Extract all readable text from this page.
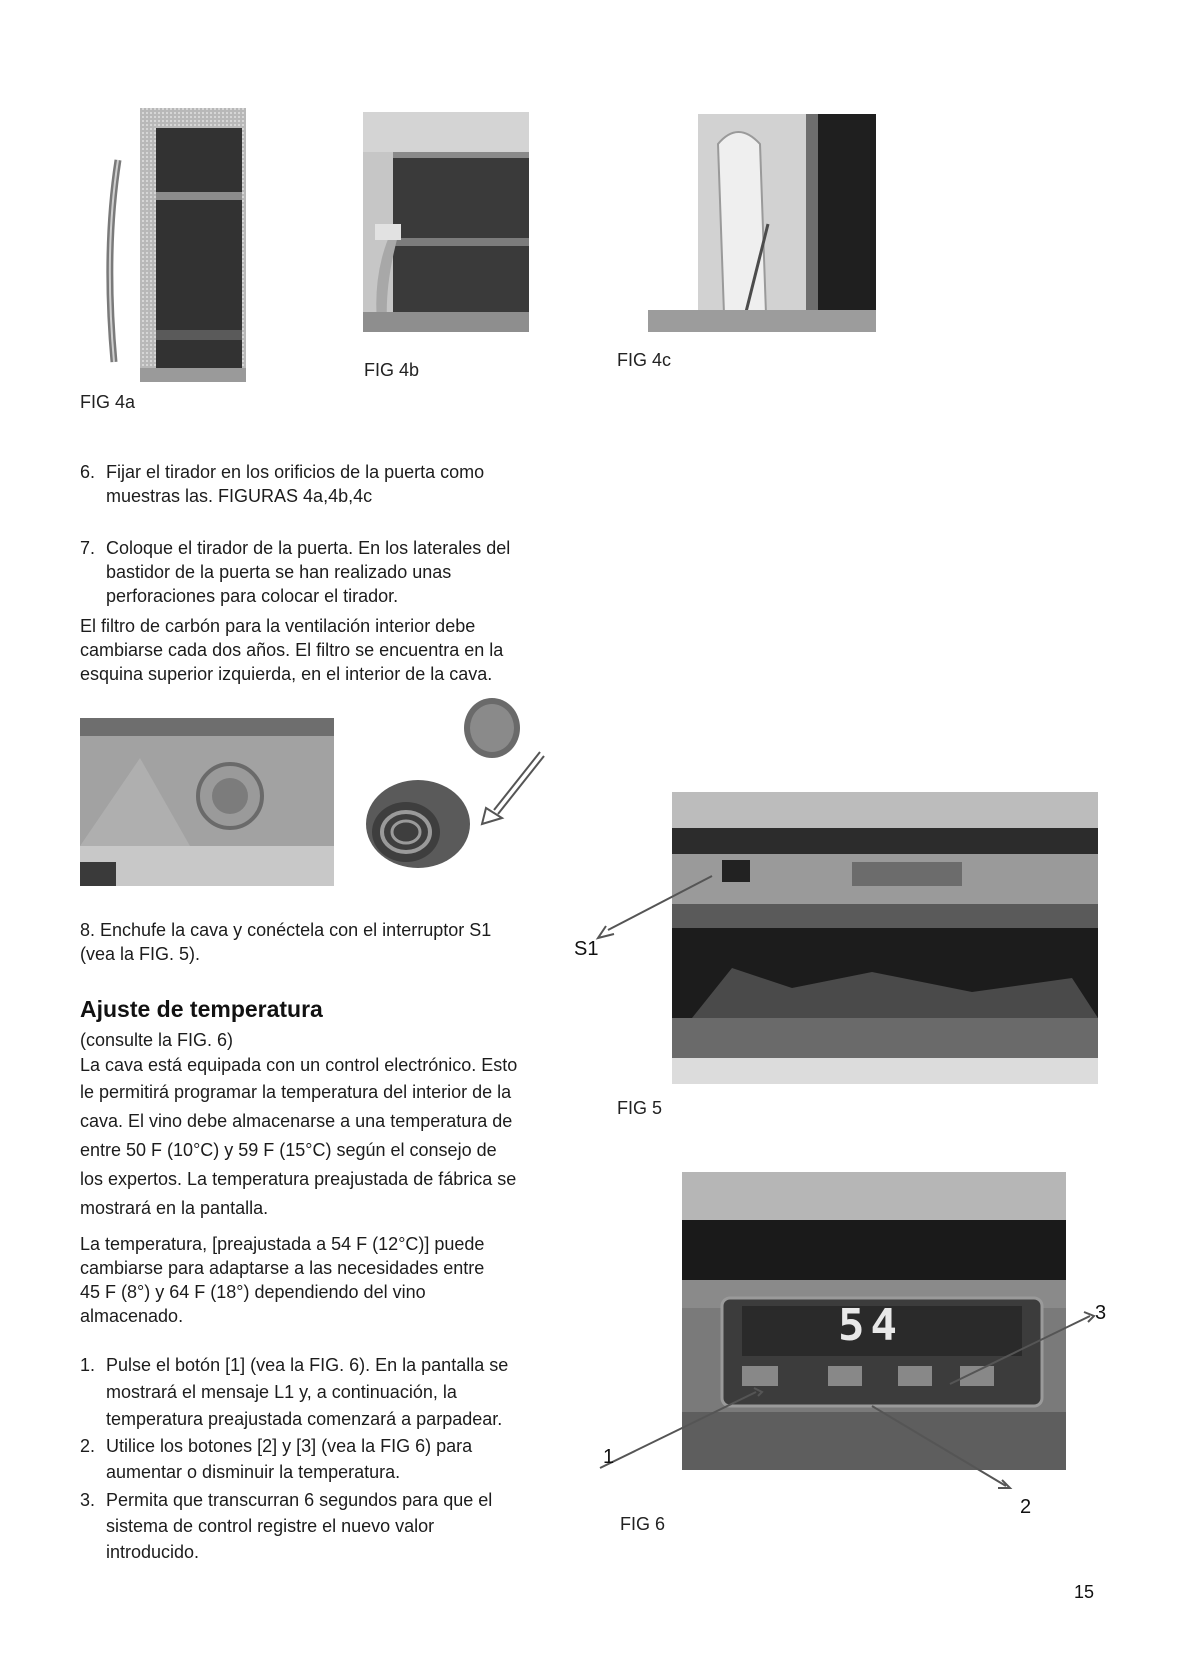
FIG 4a
FIG 4b	FIG 4c
6. Fijar el tirador en los orificios de la puerta como
muestras las. FIGURAS 4a,4b,4c
7. Coloque el tirador de la puerta. En los laterales del
bastidor de la puerta se han realizado unas
perforaciones para colocar el tirador.
El filtro de carbón para la ventilación interior debe
cambiarse cada dos años. El filtro se encuentra en la
esquina superior izquierda, en el interior de la cava.
8. Enchufe la cava y conéctela con el interruptor S1
(vea la FIG. 5).
Ajuste de temperatura
(consulte la FIG. 6)
La cava está equipada con un control electrónico. Esto
le permitirá programar la temperatura del interior de la
cava. El vino debe almacenarse a una temperatura de
entre 50 F (10°C) y 59 F (15°C) según el consejo de
los expertos. La temperatura preajustada de fábrica se
mostrará en la pantalla.
La temperatura, [preajustada a 54 F (12°C)] puede
cambiarse para adaptarse a las necesidades entre
45 F (8°) y 64 F (18°) dependiendo del vino
almacenado.
1. Pulse el botón [1] (vea la FIG. 6). En la pantalla se
mostrará el mensaje L1 y, a continuación, la
temperatura preajustada comenzará a parpadear.
2. Utilice los botones [2] y [3] (vea la FIG 6) para
aumentar o disminuir la temperatura.
3. Permita que transcurran 6 segundos para que el
sistema de control registre el nuevo valor
introducido.
S1
FIG 5
54
1
2
3
FIG 6
15
